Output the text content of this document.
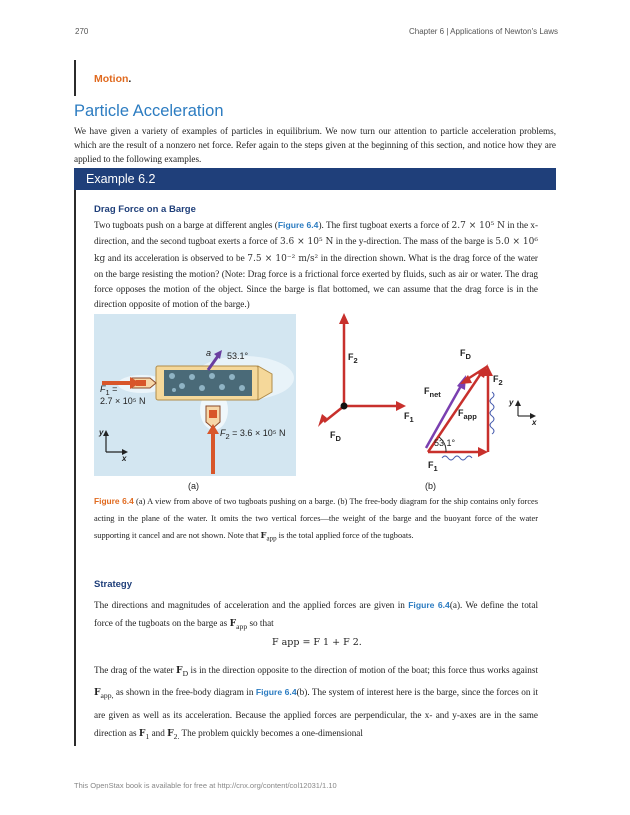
270	Chapter 6 | Applications of Newton's Laws
Motion.
Particle Acceleration
We have given a variety of examples of particles in equilibrium. We now turn our attention to particle acceleration problems, which are the result of a nonzero net force. Refer again to the steps given at the beginning of this section, and notice how they are applied to the following examples.
Example 6.2
Drag Force on a Barge
Two tugboats push on a barge at different angles (Figure 6.4). The first tugboat exerts a force of 2.7 × 10⁵ N in the x-direction, and the second tugboat exerts a force of 3.6 × 10⁵ N in the y-direction. The mass of the barge is 5.0 × 10⁶ kg and its acceleration is observed to be 7.5 × 10⁻² m/s² in the direction shown. What is the drag force of the water on the barge resisting the motion? (Note: Drag force is a frictional force exerted by fluids, such as air or water. The drag force opposes the motion of the object. Since the barge is flat bottomed, we can assume that the drag force is in the direction opposite of motion of the barge.)
a 53.1°
$F_1$ =
2.7 × 10⁵ N
$F_2 = 3.6 \times 10^5$ N
y
x
(a)
$F_2$
$F_D$
$F_1$
$F_{net}$
$F_{app}$
$F_D$
$F_2$
$F_1$
53.1°
y
x
(b)
Figure 6.4 (a) A view from above of two tugboats pushing on a barge. (b) The free-body diagram for the ship contains only forces acting in the plane of the water. It omits the two vertical forces—the weight of the barge and the buoyant force of the water supporting it cancel and are not shown. Note that $F_{app}$ is the total applied force of the tugboats.
Strategy
The directions and magnitudes of acceleration and the applied forces are given in Figure 6.4(a). We define the total force of the tugboats on the barge as $F_{app}$ so that
F app = F 1 + F 2.
The drag of the water $F_D$ is in the direction opposite to the direction of motion of the boat; this force thus works against $F_{app,}$ as shown in the free-body diagram in Figure 6.4(b). The system of interest here is the barge, since the forces on it are given as well as its acceleration. Because the applied forces are perpendicular, the x- and y-axes are in the same direction as $F_1$ and $F_{2.}$ The problem quickly becomes a one-dimensional
This OpenStax book is available for free at http://cnx.org/content/col12031/1.10
